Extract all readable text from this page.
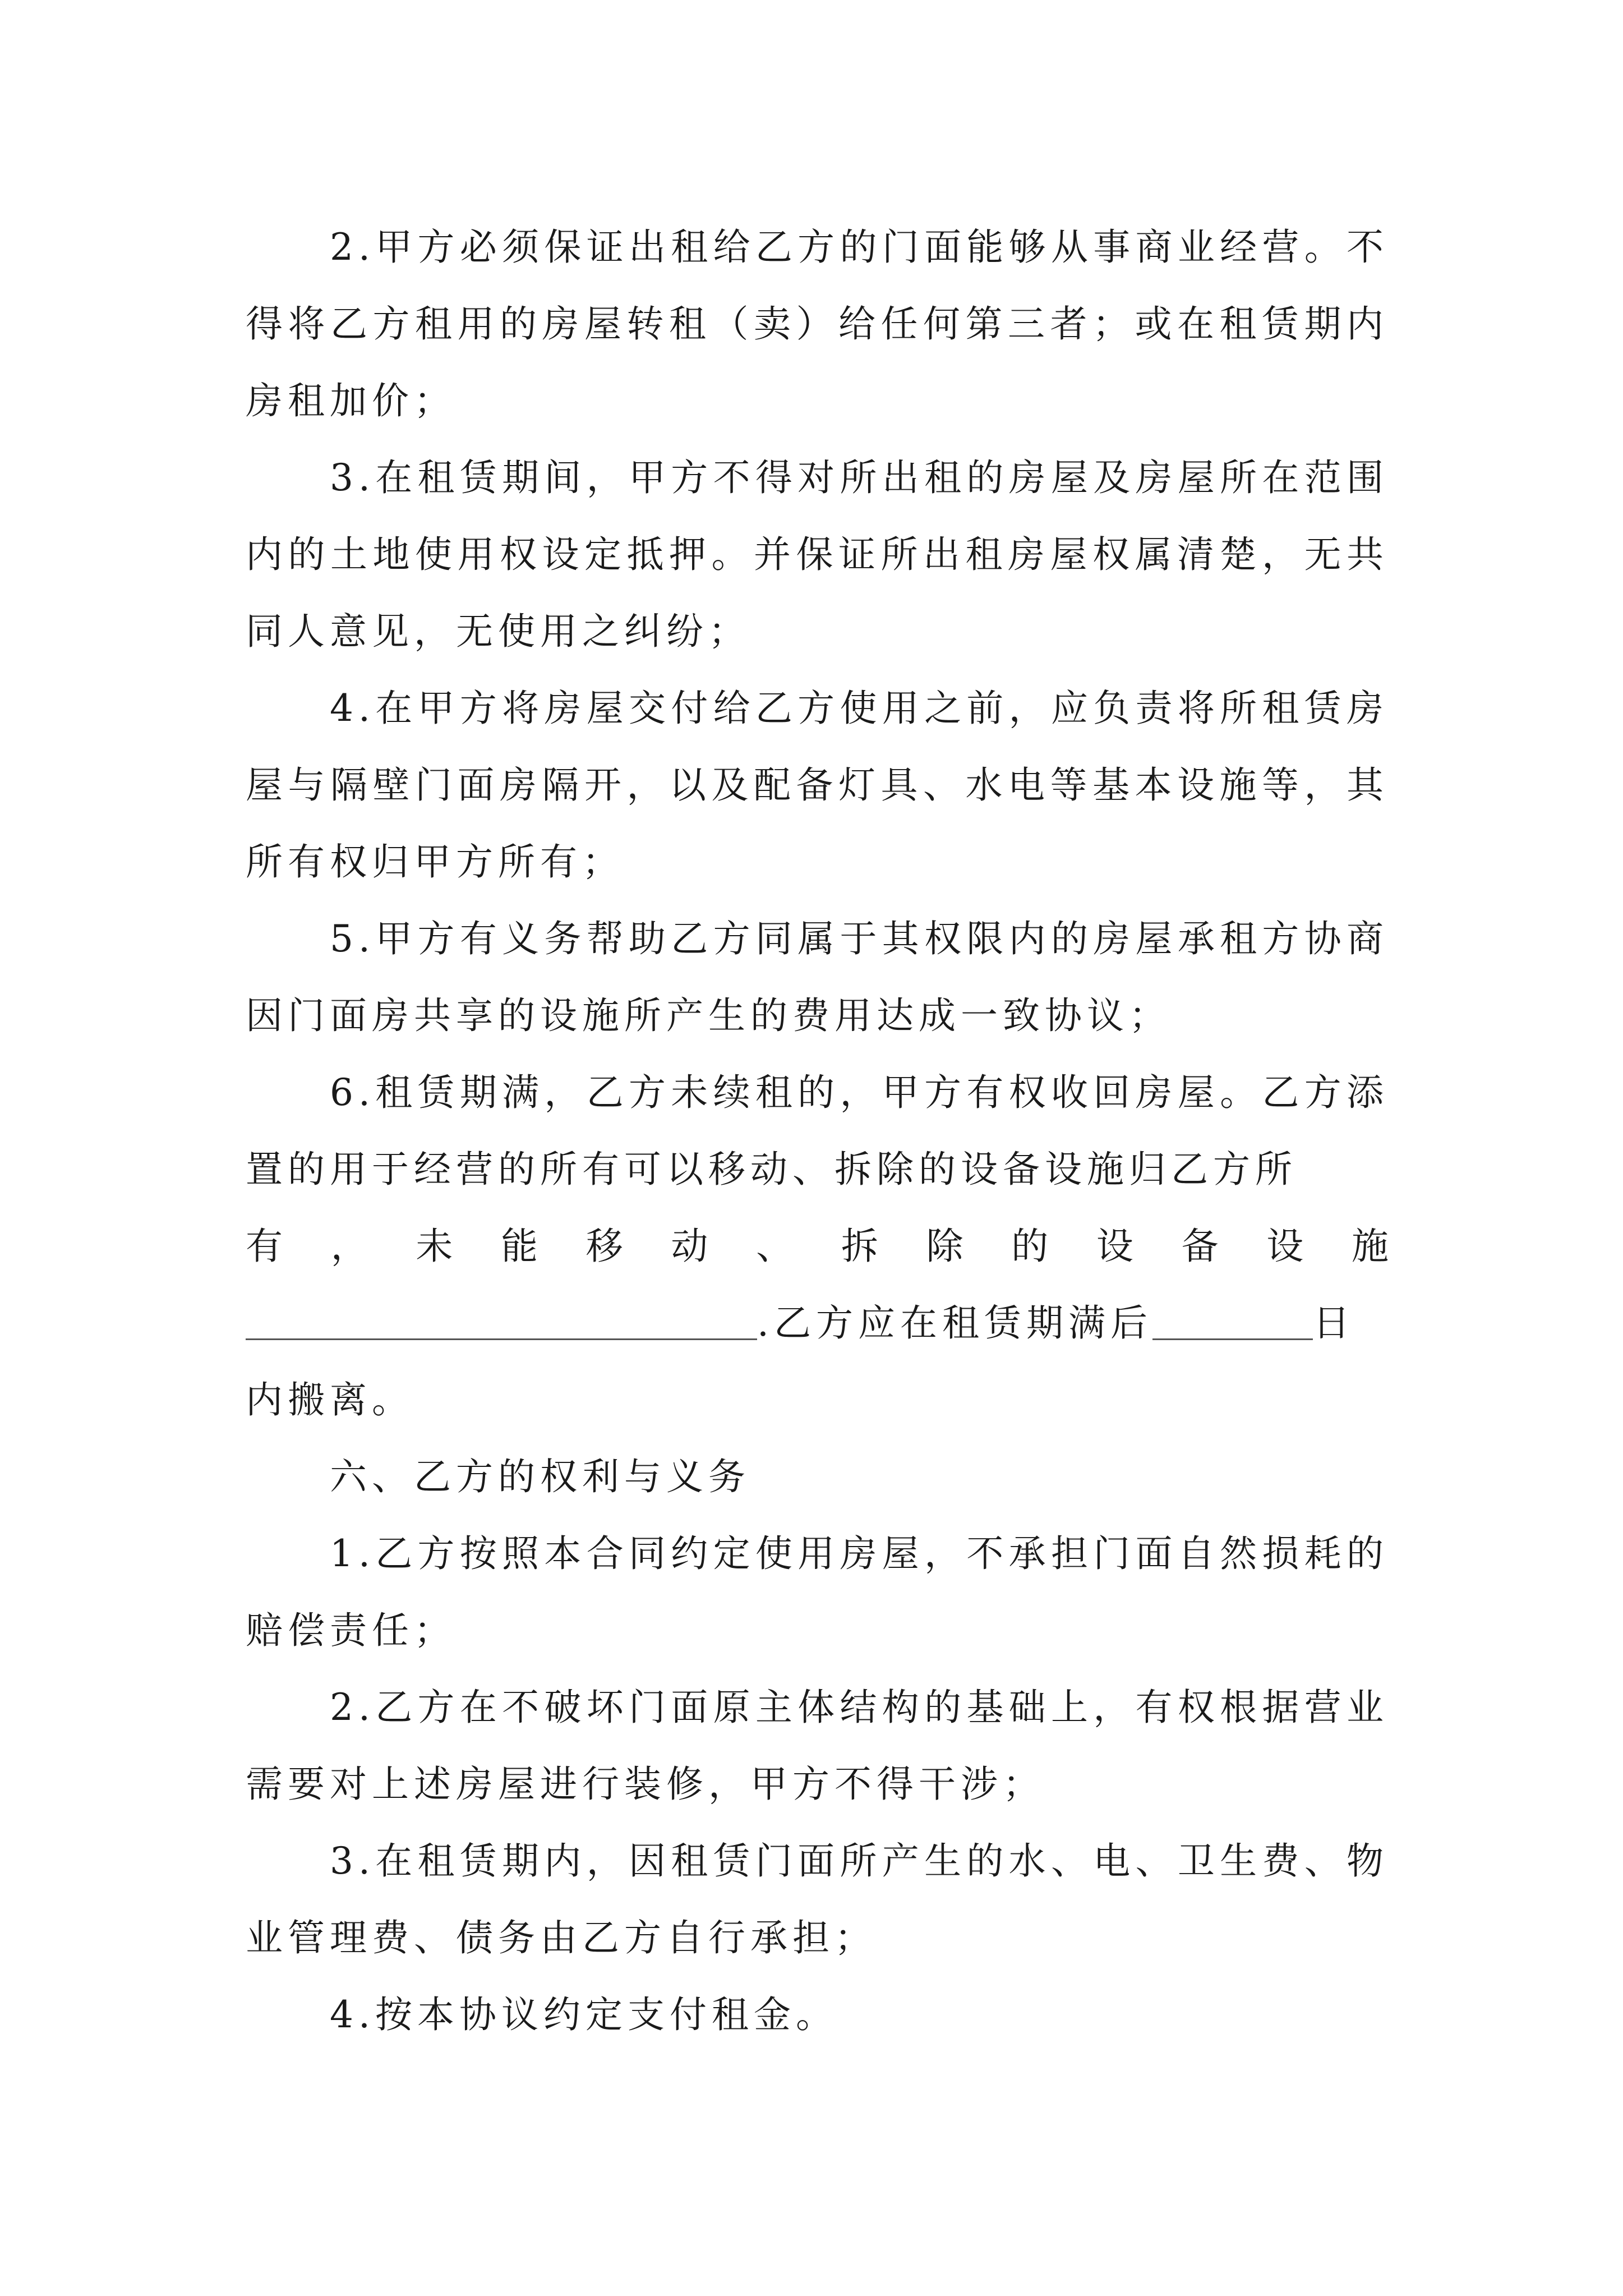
2.甲方必须保证出租给乙方的门面能够从事商业经营。不得将乙方租用的房屋转租（卖）给任何第三者；或在租赁期内房租加价；

3.在租赁期间，甲方不得对所出租的房屋及房屋所在范围内的土地使用权设定抵押。并保证所出租房屋权属清楚，无共同人意见，无使用之纠纷；

4.在甲方将房屋交付给乙方使用之前，应负责将所租赁房屋与隔壁门面房隔开，以及配备灯具、水电等基本设施等，其所有权归甲方所有；

5.甲方有义务帮助乙方同属于其权限内的房屋承租方协商因门面房共享的设施所产生的费用达成一致协议；

6.租赁期满，乙方未续租的，甲方有权收回房屋。乙方添置的用于经营的所有可以移动、拆除的设备设施归乙方所

有 ， 未 能 移 动 、 拆 除 的 设 备 设 施
.乙方应在租赁期满后	日
内搬离。

六、乙方的权利与义务

1.乙方按照本合同约定使用房屋，不承担门面自然损耗的赔偿责任；

2.乙方在不破坏门面原主体结构的基础上，有权根据营业需要对上述房屋进行装修，甲方不得干涉；

3.在租赁期内，因租赁门面所产生的水、电、卫生费、物业管理费、债务由乙方自行承担；

4.按本协议约定支付租金。
